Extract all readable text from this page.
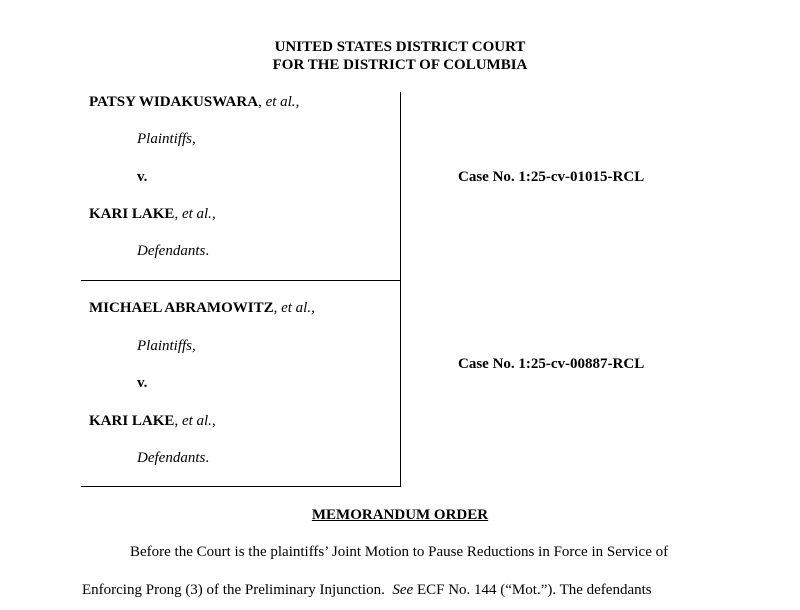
UNITED STATES DISTRICT COURT
FOR THE DISTRICT OF COLUMBIA
PATSY WIDAKUSWARA, et al.,
Plaintiffs,
v.
KARI LAKE, et al.,
Defendants.
Case No. 1:25-cv-01015-RCL
MICHAEL ABRAMOWITZ, et al.,
Plaintiffs,
v.
KARI LAKE, et al.,
Defendants.
Case No. 1:25-cv-00887-RCL
MEMORANDUM ORDER
Before the Court is the plaintiffs’ Joint Motion to Pause Reductions in Force in Service of
Enforcing Prong (3) of the Preliminary Injunction. See ECF No. 144 (“Mot.”). The defendants
